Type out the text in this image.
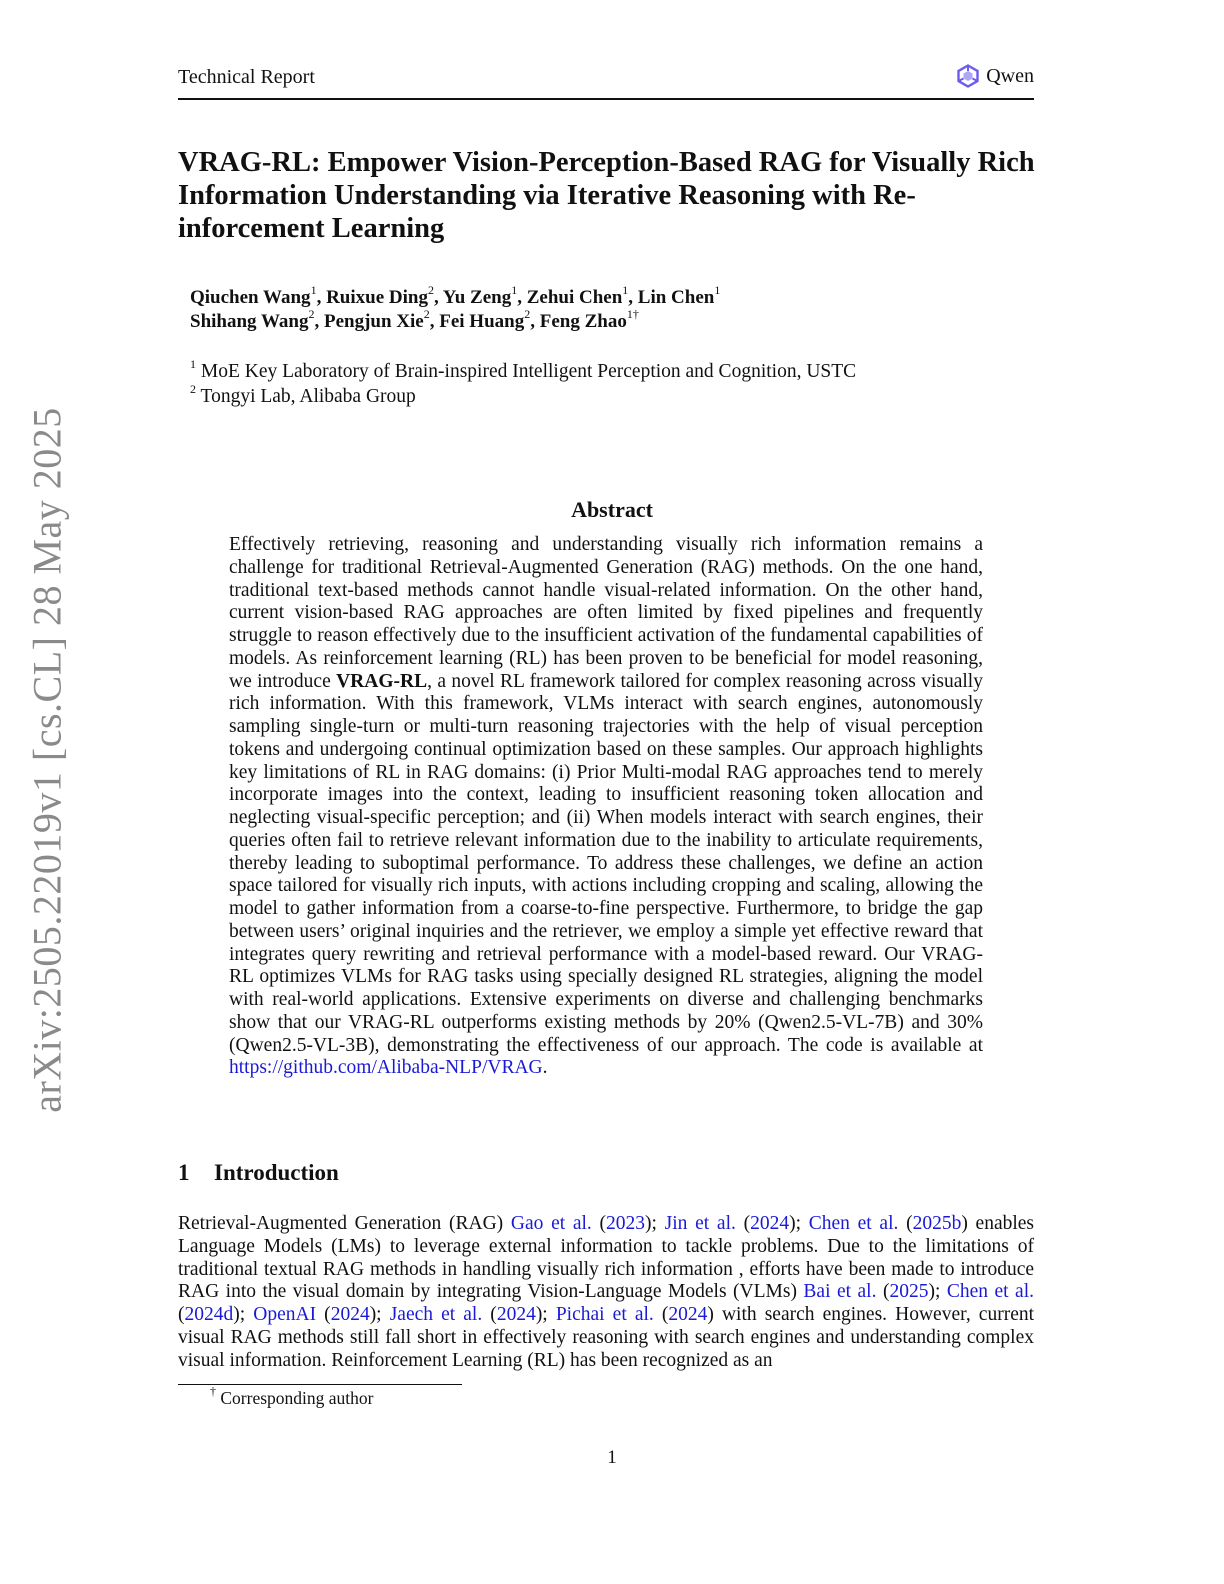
arXiv:2505.22019v1 [cs.CL] 28 May 2025
Technical Report	Qwen
VRAG-RL: Empower Vision-Perception-Based RAG for Visually Rich Information Understanding via Iterative Reasoning with Re-inforcement Learning
Qiuchen Wang$^1$, Ruixue Ding$^2$, Yu Zeng$^1$, Zehui Chen$^1$, Lin Chen$^1$
Shihang Wang$^2$, Pengjun Xie$^2$, Fei Huang$^2$, Feng Zhao$^{1\dagger}$
$^1$ MoE Key Laboratory of Brain-inspired Intelligent Perception and Cognition, USTC
$^2$ Tongyi Lab, Alibaba Group
Abstract
Effectively retrieving, reasoning and understanding visually rich information remains a challenge for traditional Retrieval-Augmented Generation (RAG) methods. On the one hand, traditional text-based methods cannot handle visual-related information. On the other hand, current vision-based RAG approaches are often limited by fixed pipelines and frequently struggle to reason effectively due to the insufficient activation of the fundamental capabilities of models. As reinforcement learning (RL) has been proven to be beneficial for model reasoning, we introduce VRAG-RL, a novel RL framework tailored for complex reasoning across visually rich information. With this framework, VLMs interact with search engines, autonomously sampling single-turn or multi-turn reasoning trajectories with the help of visual perception tokens and undergoing continual optimization based on these samples. Our approach highlights key limitations of RL in RAG domains: (i) Prior Multi-modal RAG approaches tend to merely incorporate images into the context, leading to insufficient reasoning token allocation and neglecting visual-specific perception; and (ii) When models interact with search engines, their queries often fail to retrieve relevant information due to the inability to articulate requirements, thereby leading to suboptimal performance. To address these challenges, we define an action space tailored for visually rich inputs, with actions including cropping and scaling, allowing the model to gather information from a coarse-to-fine perspective. Furthermore, to bridge the gap between users’ original inquiries and the retriever, we employ a simple yet effective reward that integrates query rewriting and retrieval performance with a model-based reward. Our VRAG-RL optimizes VLMs for RAG tasks using specially designed RL strategies, aligning the model with real-world applications. Extensive experiments on diverse and challenging benchmarks show that our VRAG-RL outperforms existing methods by 20% (Qwen2.5-VL-7B) and 30% (Qwen2.5-VL-3B), demonstrating the effectiveness of our approach. The code is available at https://github.com/Alibaba-NLP/VRAG.
1 Introduction
Retrieval-Augmented Generation (RAG) Gao et al. (2023); Jin et al. (2024); Chen et al. (2025b) enables Language Models (LMs) to leverage external information to tackle problems. Due to the limitations of traditional textual RAG methods in handling visually rich information , efforts have been made to introduce RAG into the visual domain by integrating Vision-Language Models (VLMs) Bai et al. (2025); Chen et al. (2024d); OpenAI (2024); Jaech et al. (2024); Pichai et al. (2024) with search engines. However, current visual RAG methods still fall short in effectively reasoning with search engines and understanding complex visual information. Reinforcement Learning (RL) has been recognized as an
† Corresponding author
1
